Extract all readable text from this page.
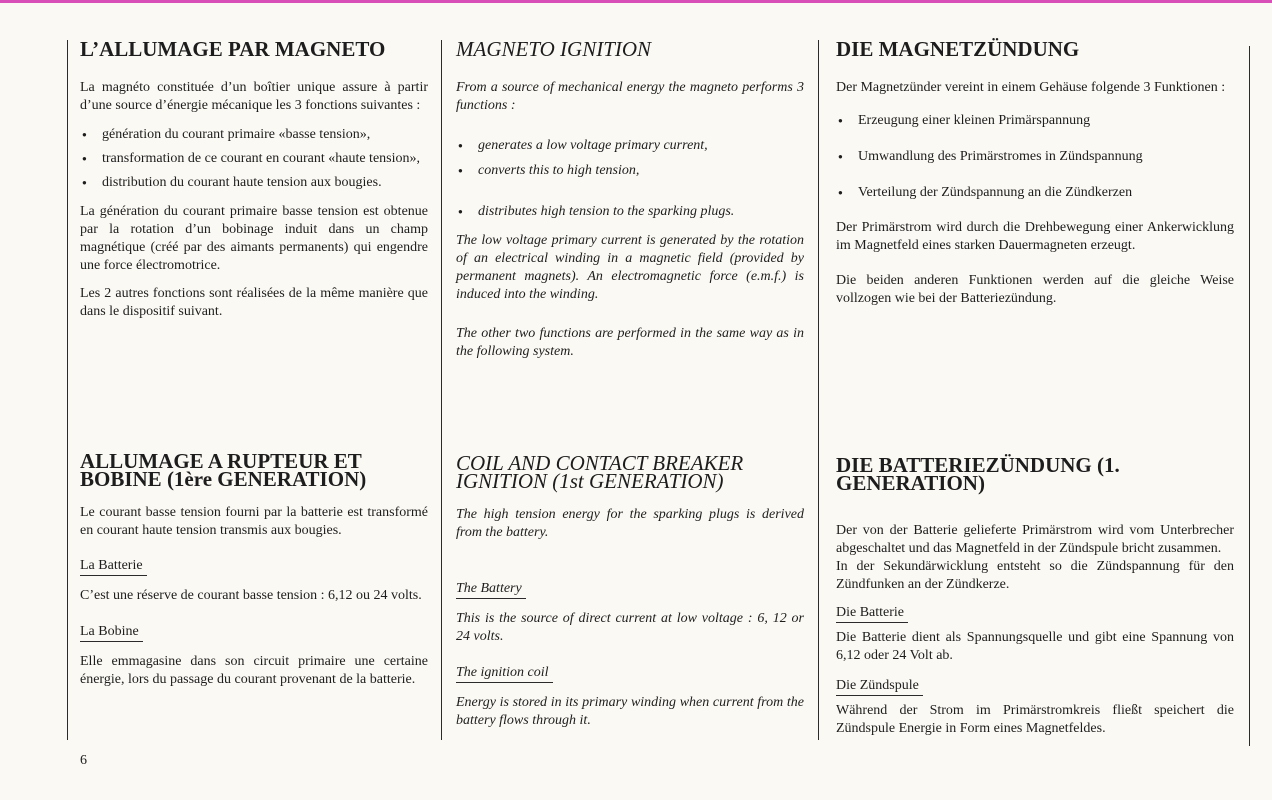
L’ALLUMAGE PAR MAGNETO

La magnéto constituée d’un boîtier unique assure à partir d’une source d’énergie mécanique les 3 fonctions suivantes :

● génération du courant primaire «basse tension»,
● transformation de ce courant en courant «haute tension»,
● distribution du courant haute tension aux bougies.

La génération du courant primaire basse tension est obtenue par la rotation d’un bobinage induit dans un champ magnétique (créé par des aimants permanents) qui engendre une force électromotrice.

Les 2 autres fonctions sont réalisées de la même manière que dans le dispositif suivant.

MAGNETO IGNITION

From a source of mechanical energy the magneto performs 3 functions :

● generates a low voltage primary current,
● converts this to high tension,
● distributes high tension to the sparking plugs.

The low voltage primary current is generated by the rotation of an electrical winding in a magnetic field (provided by permanent magnets). An electromagnetic force (e.m.f.) is induced into the winding.

The other two functions are performed in the same way as in the following system.

DIE MAGNETZÜNDUNG

Der Magnetzünder vereint in einem Gehäuse folgende 3 Funktionen :

● Erzeugung einer kleinen Primärspannung
● Umwandlung des Primärstromes in Zündspannung
● Verteilung der Zündspannung an die Zündkerzen

Der Primärstrom wird durch die Drehbewegung einer Ankerwicklung im Magnetfeld eines starken Dauermagneten erzeugt.

Die beiden anderen Funktionen werden auf die gleiche Weise vollzogen wie bei der Batteriezündung.

ALLUMAGE A RUPTEUR ET BOBINE (1ère GENERATION)

Le courant basse tension fourni par la batterie est transformé en courant haute tension transmis aux bougies.

La Batterie

C’est une réserve de courant basse tension : 6,12 ou 24 volts.

La Bobine

Elle emmagasine dans son circuit primaire une certaine énergie, lors du passage du courant provenant de la batterie.

COIL AND CONTACT BREAKER IGNITION (1st GENERATION)

The high tension energy for the sparking plugs is derived from the battery.

The Battery

This is the source of direct current at low voltage : 6, 12 or 24 volts.

The ignition coil

Energy is stored in its primary winding when current from the battery flows through it.

DIE BATTERIEZÜNDUNG (1. GENERATION)

Der von der Batterie gelieferte Primärstrom wird vom Unterbrecher abgeschaltet und das Magnetfeld in der Zündspule bricht zusammen.

In der Sekundärwicklung entsteht so die Zündspannung für den Zündfunken an der Zündkerze.

Die Batterie

Die Batterie dient als Spannungsquelle und gibt eine Spannung von 6,12 oder 24 Volt ab.

Die Zündspule

Während der Strom im Primärstromkreis fließt speichert die Zündspule Energie in Form eines Magnetfeldes.

6
